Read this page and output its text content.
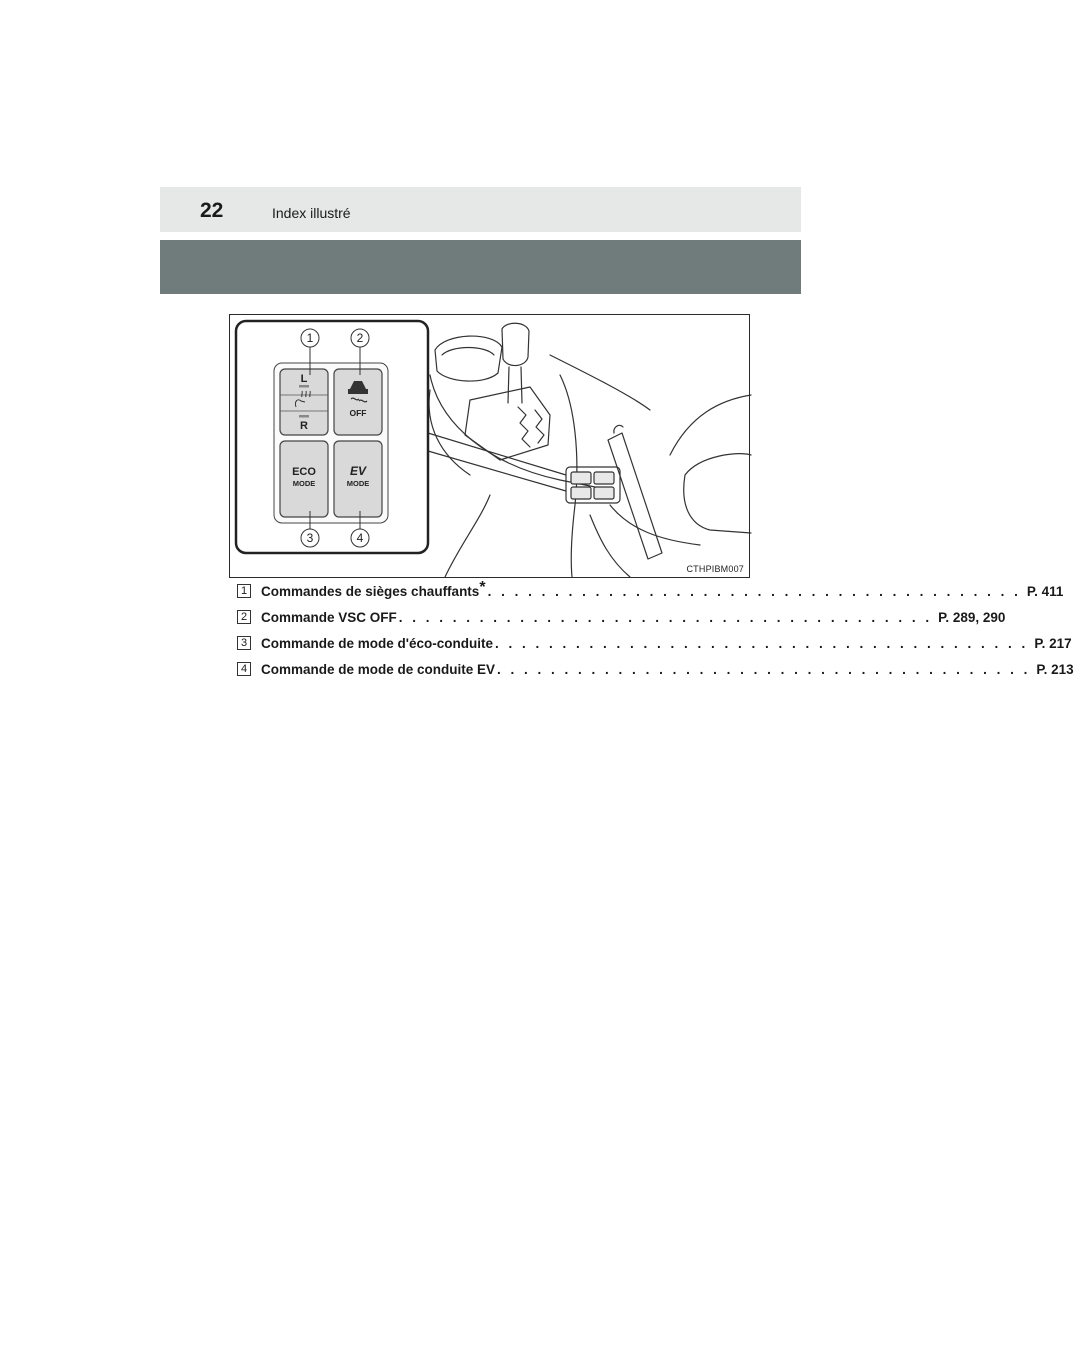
22	Index illustré
L
R
OFF
ECO
MODE
EV
MODE
1	2
3	4
CTHPIBM007
1 Commandes de sièges chauffants* . . . . . . . . . . . . . . . . . . . . . . . . . . . . . . . . . . . . . . . . P. 411
2 Commande VSC OFF . . . . . . . . . . . . . . . . . . . . . . . . . . . . . . . . . . . . . . . . P. 289, 290
3 Commande de mode d'éco-conduite . . . . . . . . . . . . . . . . . . . . . . . . . . . . . . . . . . . . . . . . P. 217
4 Commande de mode de conduite EV . . . . . . . . . . . . . . . . . . . . . . . . . . . . . . . . . . . . . . . . P. 213
